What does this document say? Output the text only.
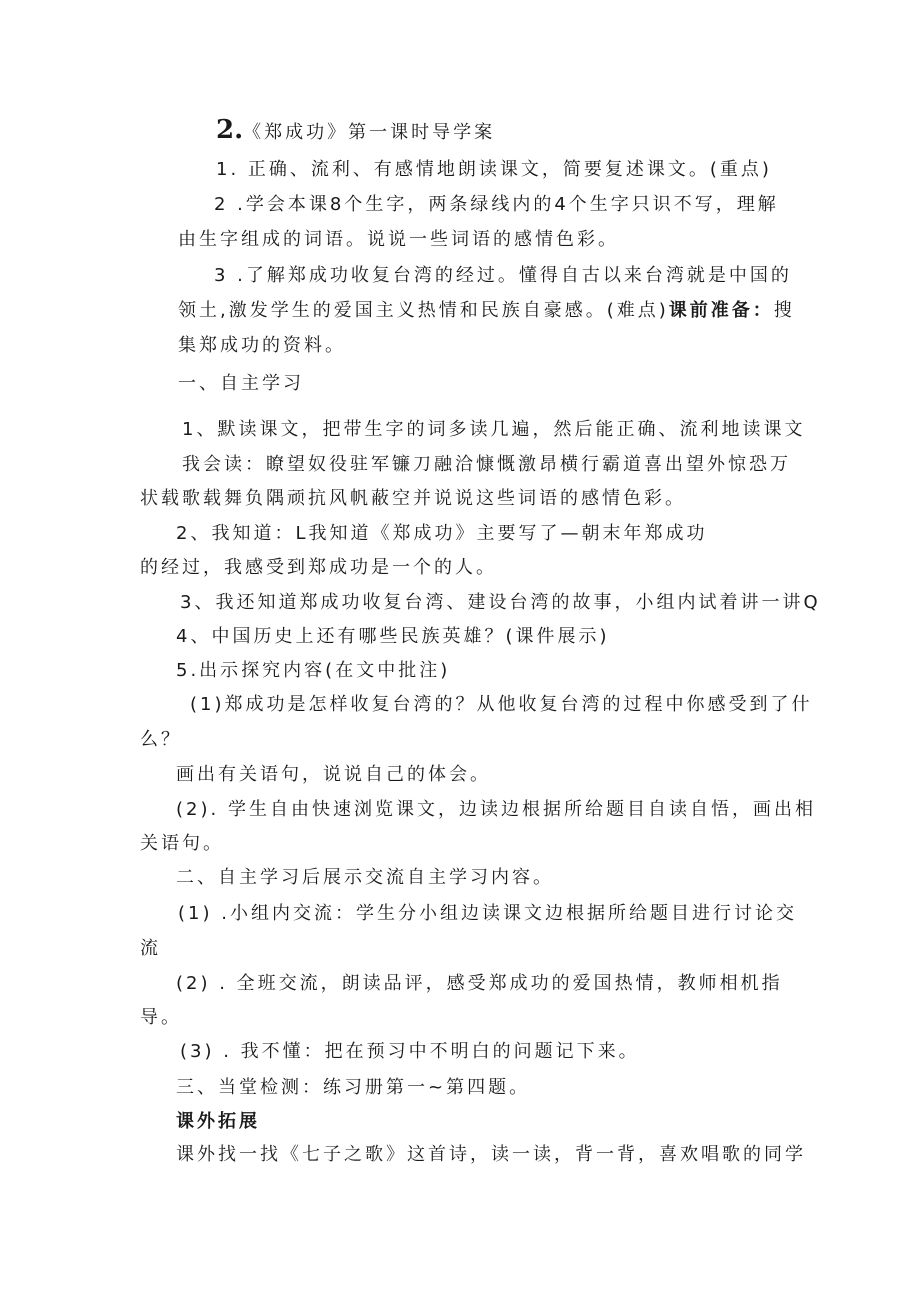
2.《郑成功》第一课时导学案
1. 正确、流利、有感情地朗读课文，简要复述课文。(重点)
2 .学会本课8个生字，两条绿线内的4个生字只识不写，理解
由生字组成的词语。说说一些词语的感情色彩。
3 .了解郑成功收复台湾的经过。懂得自古以来台湾就是中国的
领土,激发学生的爱国主义热情和民族自豪感。(难点)课前准备：搜
集郑成功的资料。
一、自主学习
1、默读课文，把带生字的词多读几遍，然后能正确、流利地读课文
我会读：瞭望奴役驻军镰刀融洽慷慨激昂横行霸道喜出望外惊恐万
状载歌载舞负隅顽抗风帆蔽空并说说这些词语的感情色彩。
2、我知道：L我知道《郑成功》主要写了—朝末年郑成功
的经过，我感受到郑成功是一个的人。
3、我还知道郑成功收复台湾、建设台湾的故事，小组内试着讲一讲Q
4、中国历史上还有哪些民族英雄？(课件展示)
5.出示探究内容(在文中批注)
(1)郑成功是怎样收复台湾的？从他收复台湾的过程中你感受到了什
么？
画出有关语句，说说自己的体会。
(2). 学生自由快速浏览课文，边读边根据所给题目自读自悟，画出相
关语句。
二、自主学习后展示交流自主学习内容。
(1) .小组内交流：学生分小组边读课文边根据所给题目进行讨论交
流
(2) . 全班交流，朗读品评，感受郑成功的爱国热情，教师相机指
导。
(3) . 我不懂：把在预习中不明白的问题记下来。
三、当堂检测：练习册第一~第四题。
课外拓展
课外找一找《七子之歌》这首诗，读一读，背一背，喜欢唱歌的同学
